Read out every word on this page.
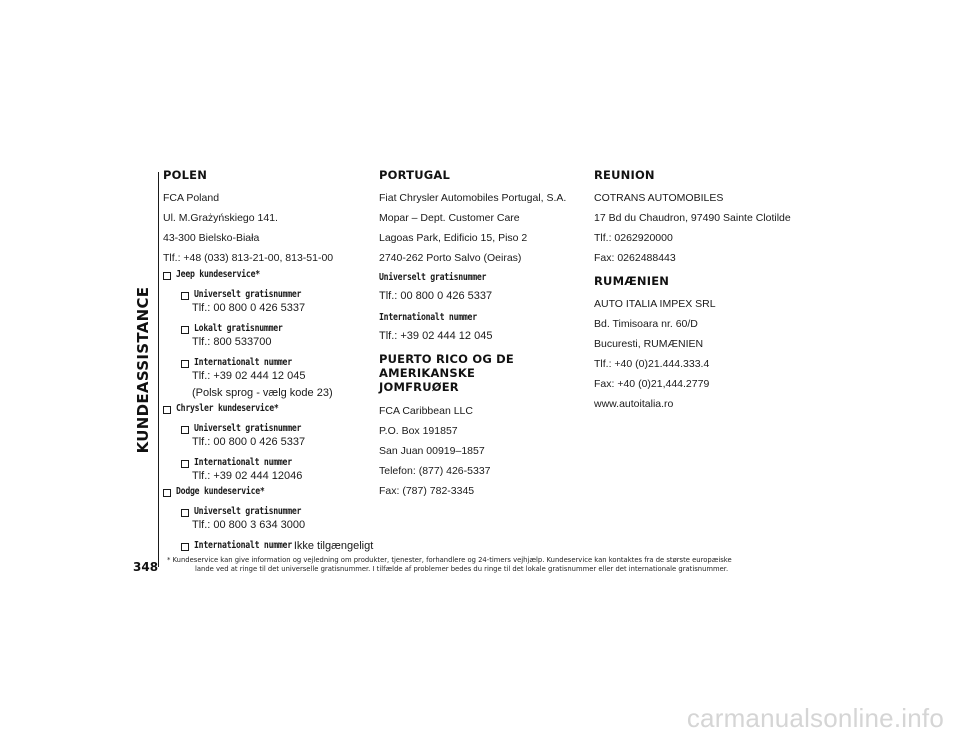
KUNDEASSISTANCE
348
POLEN
FCA Poland
Ul. M.Grażyńskiego 141.
43-300 Bielsko-Biała
Tlf.: +48 (033) 813-21-00, 813-51-00
Jeep kundeservice*
Universelt gratisnummer
Tlf.: 00 800 0 426 5337
Lokalt gratisnummer
Tlf.: 800 533700
Internationalt nummer
Tlf.: +39 02 444 12 045
(Polsk sprog - vælg kode 23)
Chrysler kundeservice*
Universelt gratisnummer
Tlf.: 00 800 0 426 5337
Internationalt nummer
Tlf.: +39 02 444 12046
Dodge kundeservice*
Universelt gratisnummer
Tlf.: 00 800 3 634 3000
Internationalt nummer Ikke tilgængeligt
PORTUGAL
Fiat Chrysler Automobiles Portugal, S.A.
Mopar – Dept. Customer Care
Lagoas Park, Edificio 15, Piso 2
2740-262 Porto Salvo (Oeiras)
Universelt gratisnummer
Tlf.: 00 800 0 426 5337
Internationalt nummer
Tlf.: +39 02 444 12 045
PUERTO RICO OG DE AMERIKANSKE
JOMFRUØER
FCA Caribbean LLC
P.O. Box 191857
San Juan 00919–1857
Telefon: (877) 426-5337
Fax: (787) 782-3345
REUNION
COTRANS AUTOMOBILES
17 Bd du Chaudron, 97490 Sainte Clotilde
Tlf.: 0262920000
Fax: 0262488443
RUMÆNIEN
AUTO ITALIA IMPEX SRL
Bd. Timisoara nr. 60/D
Bucuresti, RUMÆNIEN
Tlf.: +40 (0)21.444.333.4
Fax: +40 (0)21,444.2779
www.autoitalia.ro
* Kundeservice kan give information og vejledning om produkter, tjenester, forhandlere og 24-timers vejhjælp. Kundeservice kan kontaktes fra de største europæiske
lande ved at ringe til det universelle gratisnummer. I tilfælde af problemer bedes du ringe til det lokale gratisnummer eller det internationale gratisnummer.
carmanualsonline.info
